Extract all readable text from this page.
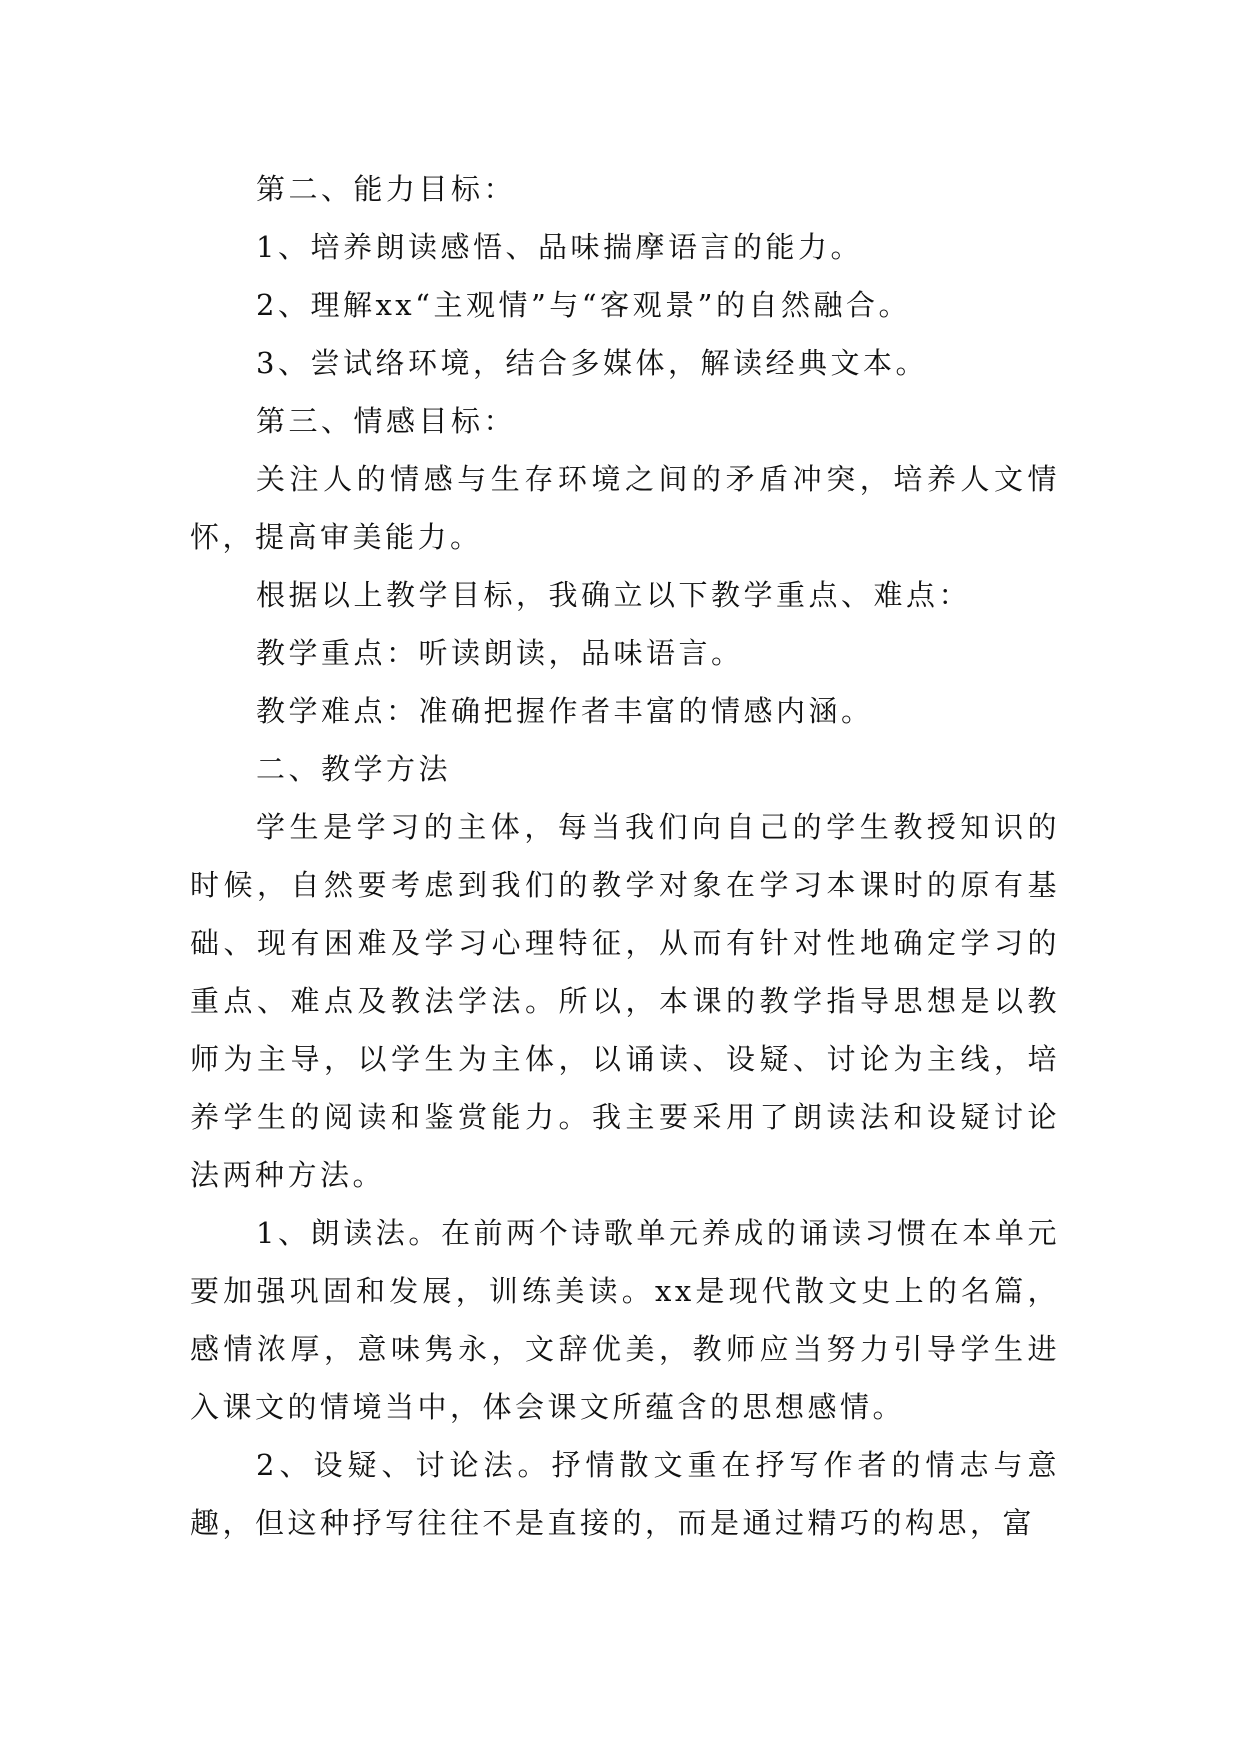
第二、能力目标：

1、培养朗读感悟、品味揣摩语言的能力。

2、理解xx“主观情”与“客观景”的自然融合。

3、尝试络环境，结合多媒体，解读经典文本。

第三、情感目标：

关注人的情感与生存环境之间的矛盾冲突，培养人文情怀，提高审美能力。

根据以上教学目标，我确立以下教学重点、难点：

教学重点：听读朗读，品味语言。

教学难点：准确把握作者丰富的情感内涵。

二、教学方法

学生是学习的主体，每当我们向自己的学生教授知识的时候，自然要考虑到我们的教学对象在学习本课时的原有基础、现有困难及学习心理特征，从而有针对性地确定学习的重点、难点及教法学法。所以，本课的教学指导思想是以教师为主导，以学生为主体，以诵读、设疑、讨论为主线，培养学生的阅读和鉴赏能力。我主要采用了朗读法和设疑讨论法两种方法。

1、朗读法。在前两个诗歌单元养成的诵读习惯在本单元要加强巩固和发展，训练美读。xx是现代散文史上的名篇，感情浓厚，意味隽永，文辞优美，教师应当努力引导学生进入课文的情境当中，体会课文所蕴含的思想感情。

2、设疑、讨论法。抒情散文重在抒写作者的情志与意趣，但这种抒写往往不是直接的，而是通过精巧的构思，富
